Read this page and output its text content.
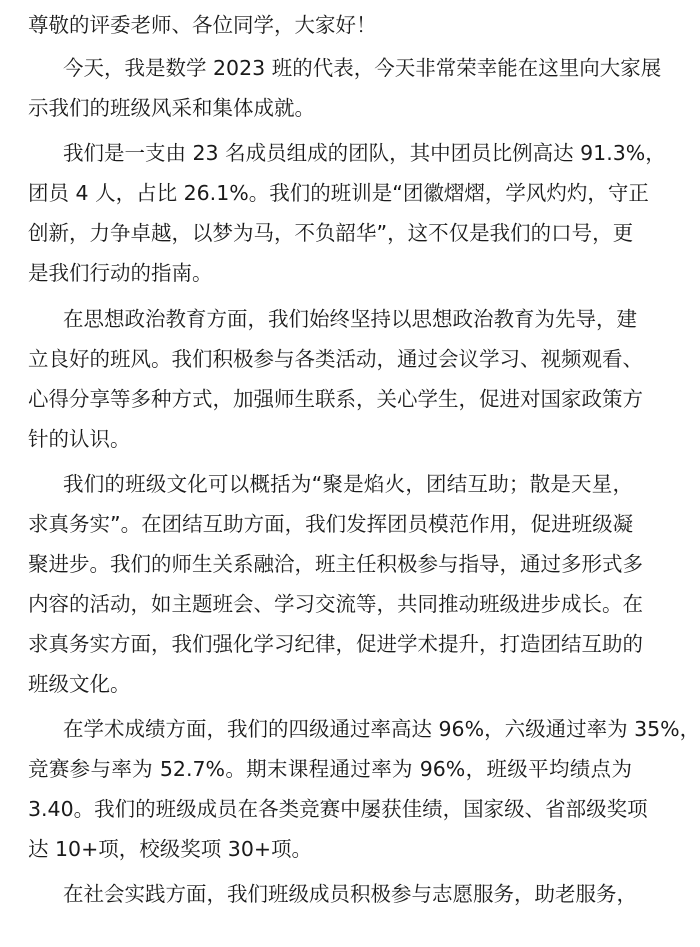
尊敬的评委老师、各位同学，大家好！
今天，我是数学 2023 班的代表，今天非常荣幸能在这里向大家展
示我们的班级风采和集体成就。
我们是一支由 23 名成员组成的团队，其中团员比例高达 91.3%，
团员 4 人，占比 26.1%。我们的班训是“团徽熠熠，学风灼灼，守正
创新，力争卓越，以梦为马，不负韶华”，这不仅是我们的口号，更
是我们行动的指南。
在思想政治教育方面，我们始终坚持以思想政治教育为先导，建
立良好的班风。我们积极参与各类活动，通过会议学习、视频观看、
心得分享等多种方式，加强师生联系，关心学生，促进对国家政策方
针的认识。
我们的班级文化可以概括为“聚是焰火，团结互助；散是天星，
求真务实”。在团结互助方面，我们发挥团员模范作用，促进班级凝
聚进步。我们的师生关系融洽，班主任积极参与指导，通过多形式多
内容的活动，如主题班会、学习交流等，共同推动班级进步成长。在
求真务实方面，我们强化学习纪律，促进学术提升，打造团结互助的
班级文化。
在学术成绩方面，我们的四级通过率高达 96%，六级通过率为 35%，
竞赛参与率为 52.7%。期末课程通过率为 96%，班级平均绩点为
3.40。我们的班级成员在各类竞赛中屡获佳绩，国家级、省部级奖项
达 10+项，校级奖项 30+项。
在社会实践方面，我们班级成员积极参与志愿服务，助老服务，
